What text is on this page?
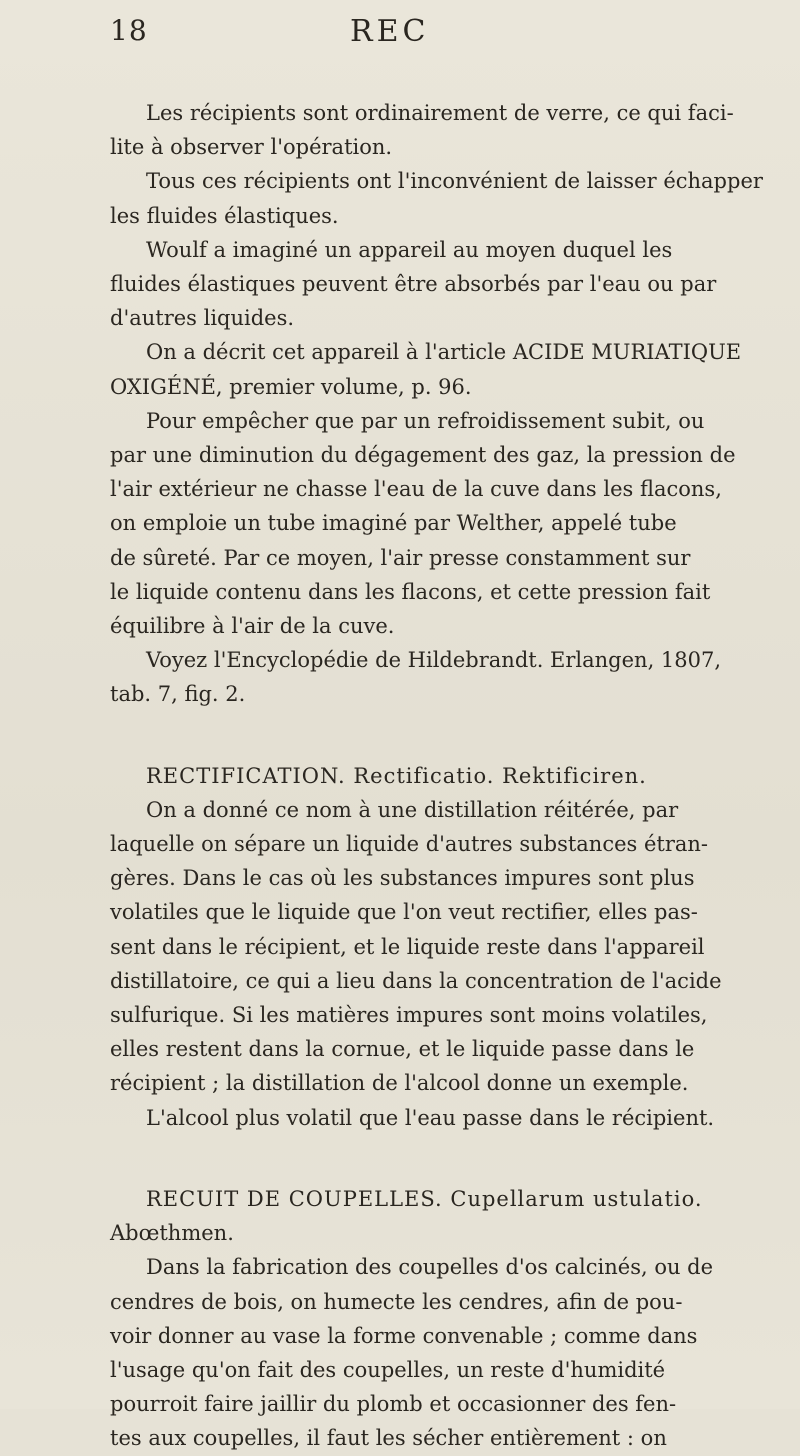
18	REC

Les récipients sont ordinairement de verre, ce qui faci-

lite à observer l'opération.

Tous ces récipients ont l'inconvénient de laisser échapper

les fluides élastiques.

Woulf a imaginé un appareil au moyen duquel les

fluides élastiques peuvent être absorbés par l'eau ou par

d'autres liquides.

On a décrit cet appareil à l'article ACIDE MURIATIQUE

OXIGÉNÉ, premier volume, p. 96.

Pour empêcher que par un refroidissement subit, ou

par une diminution du dégagement des gaz, la pression de

l'air extérieur ne chasse l'eau de la cuve dans les flacons,

on emploie un tube imaginé par Welther, appelé tube

de sûreté. Par ce moyen, l'air presse constamment sur

le liquide contenu dans les flacons, et cette pression fait

équilibre à l'air de la cuve.

Voyez l'Encyclopédie de Hildebrandt. Erlangen, 1807,

tab. 7, fig. 2.

RECTIFICATION. Rectificatio. Rektificiren.

On a donné ce nom à une distillation réitérée, par

laquelle on sépare un liquide d'autres substances étran-

gères. Dans le cas où les substances impures sont plus

volatiles que le liquide que l'on veut rectifier, elles pas-

sent dans le récipient, et le liquide reste dans l'appareil

distillatoire, ce qui a lieu dans la concentration de l'acide

sulfurique. Si les matières impures sont moins volatiles,

elles restent dans la cornue, et le liquide passe dans le

récipient ; la distillation de l'alcool donne un exemple.

L'alcool plus volatil que l'eau passe dans le récipient.

RECUIT DE COUPELLES. Cupellarum ustulatio.

Abœthmen.

Dans la fabrication des coupelles d'os calcinés, ou de

cendres de bois, on humecte les cendres, afin de pou-

voir donner au vase la forme convenable ; comme dans

l'usage qu'on fait des coupelles, un reste d'humidité

pourroit faire jaillir du plomb et occasionner des fen-

tes aux coupelles, il faut les sécher entièrement : on
